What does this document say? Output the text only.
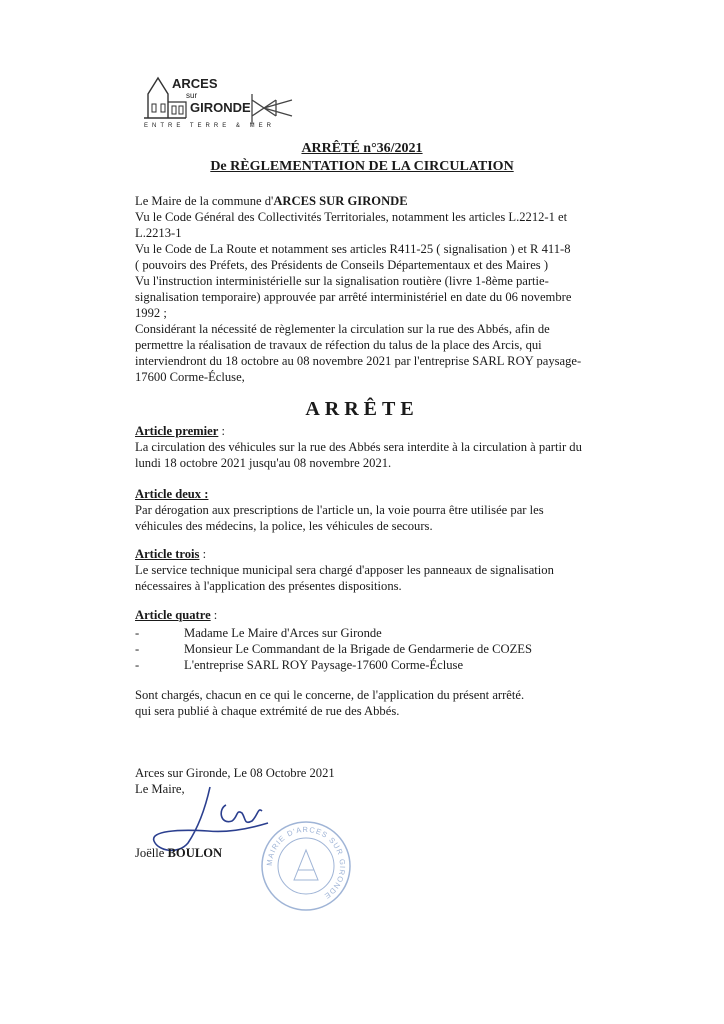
ARCES
sur
GIRONDE
ENTRE TERRE & MER
ARRÊTÉ n°36/2021
De RÈGLEMENTATION DE LA CIRCULATION
Le Maire de la commune d'ARCES SUR GIRONDE
Vu le Code Général des Collectivités Territoriales, notamment les articles L.2212-1 et
L.2213-1
Vu le Code de La Route et notamment ses articles R411-25 ( signalisation ) et R 411-8
( pouvoirs des Préfets, des Présidents de Conseils Départementaux et des Maires )
Vu l'instruction interministérielle sur la signalisation routière (livre 1-8ème partie-
signalisation temporaire) approuvée par arrêté interministériel en date du 06 novembre
1992 ;
Considérant la nécessité de règlementer la circulation sur la rue des Abbés, afin de
permettre la réalisation de travaux de réfection du talus de la place des Arcis, qui
interviendront du 18 octobre au 08 novembre 2021 par l'entreprise SARL ROY paysage-
17600 Corme-Écluse,
ARRÊTE
Article premier :
La circulation des véhicules sur la rue des Abbés sera interdite à la circulation à partir du
lundi 18 octobre 2021 jusqu'au 08 novembre 2021.
Article deux :
Par dérogation aux prescriptions de l'article un, la voie pourra être utilisée par les
véhicules des médecins, la police, les véhicules de secours.
Article trois :
Le service technique municipal sera chargé d'apposer les panneaux de signalisation
nécessaires à l'application des présentes dispositions.
Article quatre :
-	Madame Le Maire d'Arces sur Gironde
-	Monsieur Le Commandant de la Brigade de Gendarmerie de COZES
-	L'entreprise SARL ROY Paysage-17600 Corme-Écluse
Sont chargés, chacun en ce qui le concerne, de l'application du présent arrêté.
qui sera publié à chaque extrémité de rue des Abbés.
Arces sur Gironde, Le 08 Octobre 2021
Le Maire,
Joëlle BOULON
MAIRIE D'ARCES SUR GIRONDE
